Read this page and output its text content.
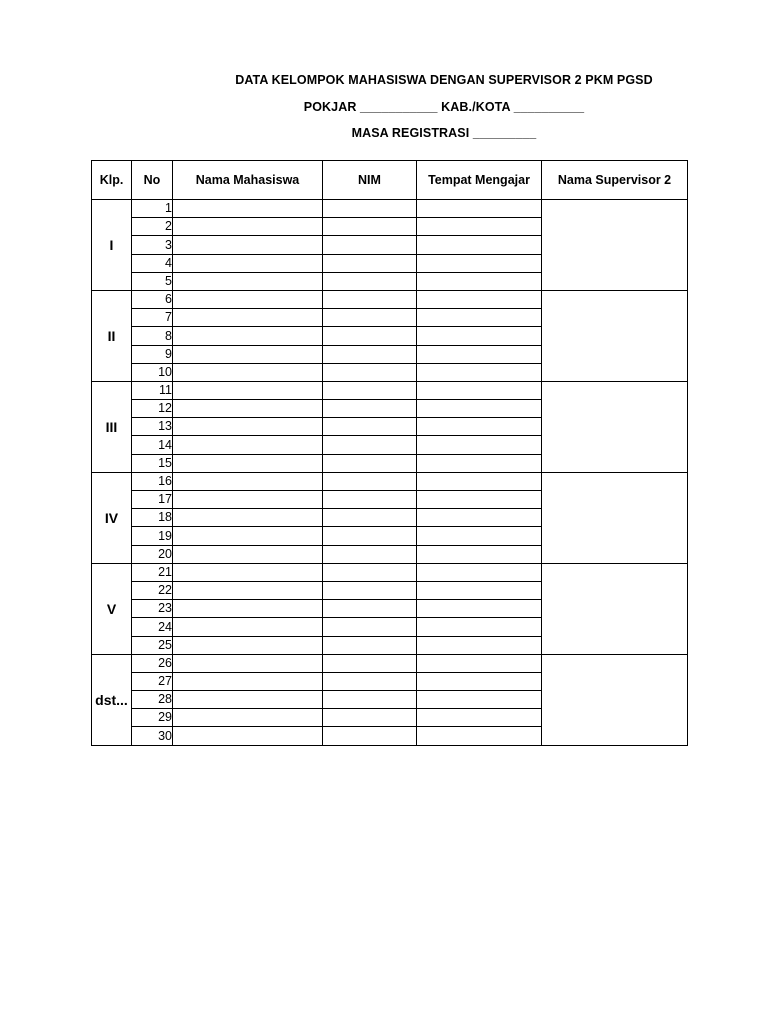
DATA KELOMPOK MAHASISWA DENGAN SUPERVISOR 2 PKM PGSD
POKJAR ___________ KAB./KOTA __________
MASA REGISTRASI _________
Klp.	No	Nama Mahasiswa	NIM	Tempat Mengajar	Nama Supervisor 2
I	1				
	2				
	3				
	4				
	5				
II	6				
	7				
	8				
	9				
	10				
III	11				
	12				
	13				
	14				
	15				
IV	16				
	17				
	18				
	19				
	20				
V	21				
	22				
	23				
	24				
	25				
dst...	26				
	27				
	28				
	29				
	30				
